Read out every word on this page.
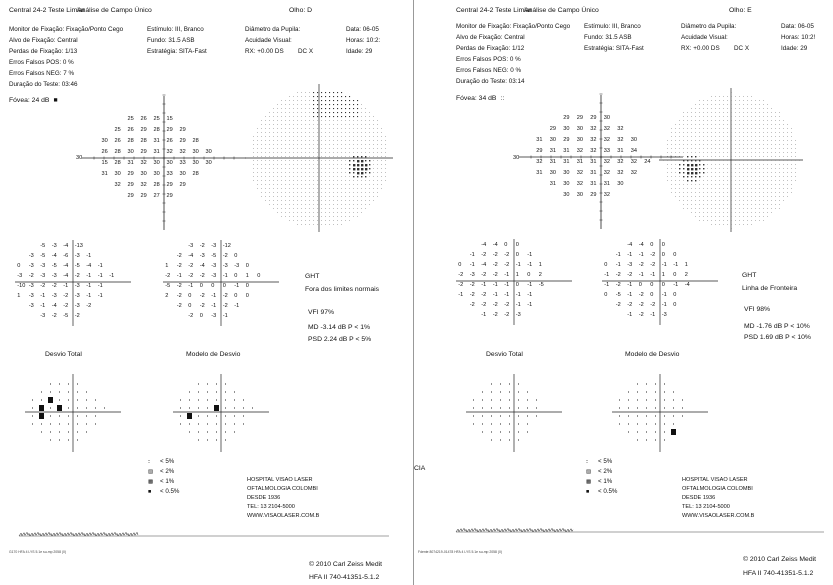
Central 24-2 Teste Limiar
Análise de Campo Único	Olho: D
Monitor de Fixação: Fixação/Ponto Cego
Alvo de Fixação: Central
Perdas de Fixação: 1/13
Erros Falsos POS: 0 %
Erros Falsos NEG: 7 %
Duração do Teste: 03:46
Estímulo: III, Branco
Fundo: 31.5 ASB
Estratégia: SITA-Fast
Diâmetro da Pupila:
Acuidade Visual:
RX: +0.00 DS DC X
Data: 06-05
Horas: 10:2:
Idade: 29
Fóvea: 24 dB ■
30
25 26 25 15
25 26 29 28 29 29
30 26 28 28 31 26 29 28
26 28 30 29 31 32 32 30 30
15 28 31 32 30 30 33 30 30
31 30 29 30 30 33 30 28
32 29 32 28 29 29
29 29 27 29
-5 -3 -4 -13
-3 -5 -4 -6 -3 -1
0 -3 -3 -5 -4 -5 -4 -1
-3 -2 -3 -3 -4 -2 -1 -1 -1
-10 -3 -2 -2 -1 -3 -1 -1
1 -3 -1 -3 -2 -3 -1 -1
-3 -1 -4 -2 -3 -2
-3 -2 -5 -2
-3 -2 -3 -12
-2 -4 -3 -5 -2 0
1 -2 -2 -4 -3 -3 -3 0
-2 -1 -2 -2 -3 -1 0 1 0
-5 -2 -1 0 0 0 -1 0
2 -2 0 -2 -1 -2 0 0
-2 0 -2 -1 -2 -1
-2 0 -3 -1
GHT
Fora dos limites normais
VFI 97%
MD -3.14 dB P < 1%
PSD 2.24 dB P < 5%
Desvio Total	Modelo de Desvio
:: < 5%
▨ < 2%
▩ < 1%
■ < 0.5%
HOSPITAL VISAO LASER
OFTALMOLOGIA COLOMBI
DESDE 1936
TEL: 13 2104-5000
WWW.VISAOLASER.COM.B
G170 HFA 4 LYS 5.1e su-mp 2058 (0)
© 2010 Carl Zeiss Medit
HFA II 740-41351-5.1.2
Central 24-2 Teste Limiar
Análise de Campo Único	Olho: E
Monitor de Fixação: Fixação/Ponto Cego
Alvo de Fixação: Central
Perdas de Fixação: 1/12
Erros Falsos POS: 0 %
Erros Falsos NEG: 0 %
Duração do Teste: 03:14
Estímulo: III, Branco
Fundo: 31.5 ASB
Estratégia: SITA-Fast
Diâmetro da Pupila:
Acuidade Visual:
RX: +0.00 DS DC X
Data: 06-05
Horas: 10:2!
Idade: 29
Fóvea: 34 dB ::
30
29 29 29 30
29 30 30 32 32 32
31 30 29 30 32 32 32 30
29 31 31 32 32 33 31 34
32 31 31 31 31 32 32 32 24
31 30 30 32 31 32 32 32
31 30 32 31 31 30
30 30 29 32
-4 -4 0 0
-1 -2 -2 -2 0 -1
0 -1 -4 -2 -2 -1 -1 1
-2 -3 -2 -2 -1 1 0 2
-2 -2 -1 -1 -1 0 -1 -5
-1 -2 -2 -1 -1 -1 -1
-2 -2 -2 -2 -1 -1
-1 -2 -2 -3
-4 -4 0 0
-1 -1 -1 -2 0 0
0 -1 -3 -2 -2 -1 -1 1
-1 -2 -2 -1 -1 1 0 2
-1 -2 -1 0 0 0 -1 -4
0 -5 -1 -2 0 -1 0
-2 -2 -2 -2 -1 0
-1 -2 -1 -3
GHT
Linha de Fronteira
VFI 98%
MD -1.76 dB P < 10%
PSD 1.69 dB P < 10%
Desvio Total	Modelo de Desvio
:: < 5%
▨ < 2%
▩ < 1%
■ < 0.5%
HOSPITAL VISAO LASER
OFTALMOLOGIA COLOMBI
DESDE 1936
TEL: 13 2104-5000
WWW.VISAOLASER.COM.B
CIA
Fdente 8074219-01478 HFA 4 LYS 5.1e su-mp 2058 (0)
© 2010 Carl Zeiss Medit
HFA II 740-41351-5.1.2
